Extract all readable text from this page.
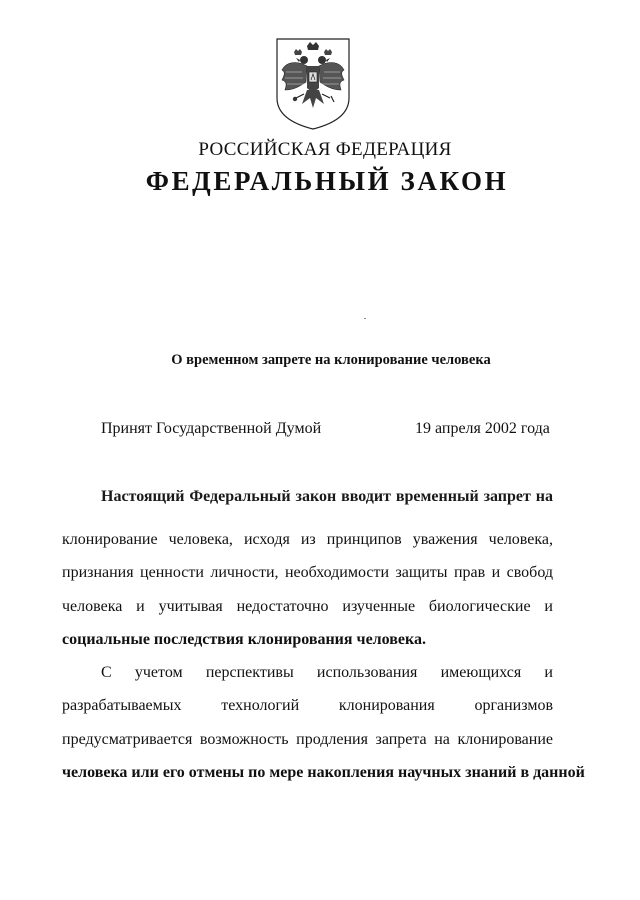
РОССИЙСКАЯ ФЕДЕРАЦИЯ
ФЕДЕРАЛЬНЫЙ ЗАКОН
О временном запрете на клонирование человека
Принят Государственной Думой	19 апреля 2002 года
Настоящий Федеральный закон вводит временный запрет на
клонирование человека, исходя из принципов уважения человека,
признания ценности личности, необходимости защиты прав и свобод
человека и учитывая недостаточно изученные биологические и
социальные последствия клонирования человека.
С учетом перспективы использования имеющихся и
разрабатываемых технологий клонирования организмов
предусматривается возможность продления запрета на клонирование
человека или его отмены по мере накопления научных знаний в данной
